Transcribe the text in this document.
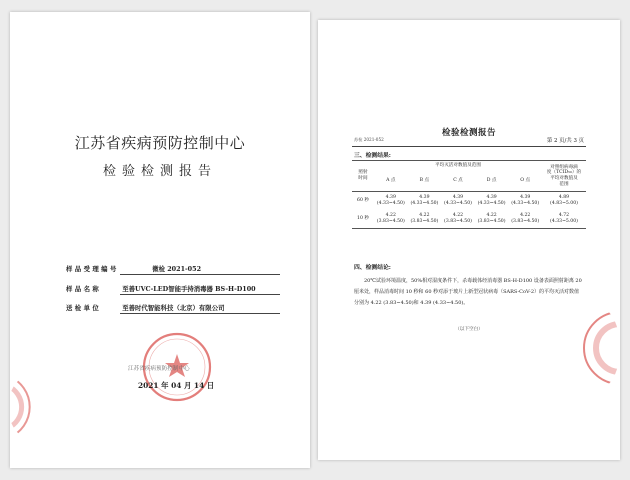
江苏省疾病预防控制中心
检验检测报告
样品受理编号	微检 2021-052
样品名称	至善UVC-LED智能手持消毒器 BS-H-D100
送检单位	至善时代智能科技（北京）有限公司
江苏省疾病预防控制中心
2021 年 04 月 14 日
检验检测报告
苏检 2021-052	第 2 页/共 3 页
三、检测结果:
照射
时间	平均灭活对数值及范围					对照组病毒滴
度（TCID₅₀）的
平均对数值及
范围
	A 点	B 点	C 点	D 点	O 点	
60 秒	4.39
(4.33~4.50)	4.39
(4.33~4.50)	4.39
(4.33~4.50)	4.39
(4.33~4.50)	4.39
(4.33~4.50)	4.89
(4.83~5.00)
10 秒	4.22
(3.83~4.50)	4.22
(3.83~4.50)	4.22
(3.83~4.50)	4.22
(3.83~4.50)	4.22
(3.83~4.50)	4.72
(4.33~5.00)

四、检测结论:
20℃试验环境温度，50%相对湿度条件下，杀毒载体经消毒器 BS-H-D100 设备表面照射距离 20 厘米处，样品消毒时间 10 秒和 60 秒对添于玻片上新型冠状病毒（SARS-CoV-2）的平均灭活对数值分别为 4.22 (3.83~4.50)和 4.39 (4.33~4.50)。
（以下空白）
